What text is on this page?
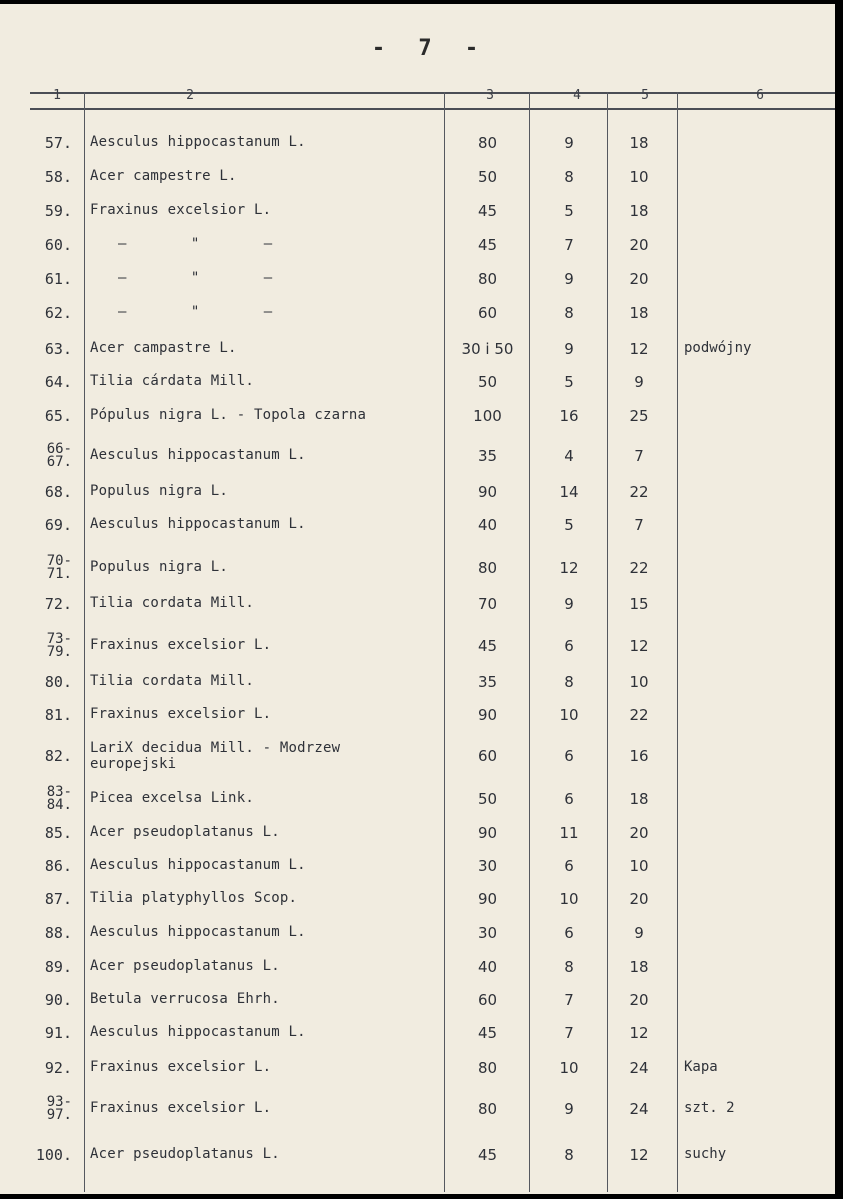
- 7 -
1	2	3	4	5	6
57. Aesculus hippocastanum L.	80	9	18
58. Acer campestre L.	50	8	10
59. Fraxinus excelsior L.	45	5	18
60.	– " –	45	7	20
61.	– " –	80	9	20
62.	– " –	60	8	18
63. Acer campastre L.	30 i 50	9	12	podwójny
64. Tilia cárdata Mill.	50	5	9
65. Pópulus nigra L. - Topola czarna	100	16	25
66-
67. Aesculus hippocastanum L.	35	4	7
68. Populus nigra L.	90	14	22
69. Aesculus hippocastanum L.	40	5	7
70-
71. Populus nigra L.	80	12	22
72. Tilia cordata Mill.	70	9	15
73-
79. Fraxinus excelsior L.	45	6	12
80. Tilia cordata Mill.	35	8	10
81. Fraxinus excelsior L.	90	10	22
82. LariX decidua Mill. - Modrzew europejski	60	6	16
83-
84. Picea excelsa Link.	50	6	18
85. Acer pseudoplatanus L.	90	11	20
86. Aesculus hippocastanum L.	30	6	10
87. Tilia platyphyllos Scop.	90	10	20
88. Aesculus hippocastanum L.	30	6	9
89. Acer pseudoplatanus L.	40	8	18
90. Betula verrucosa Ehrh.	60	7	20
91. Aesculus hippocastanum L.	45	7	12
92. Fraxinus excelsior L.	80	10	24	Kapa
93-
97. Fraxinus excelsior L.	80	9	24	szt. 2
100. Acer pseudoplatanus L.	45	8	12	suchy
